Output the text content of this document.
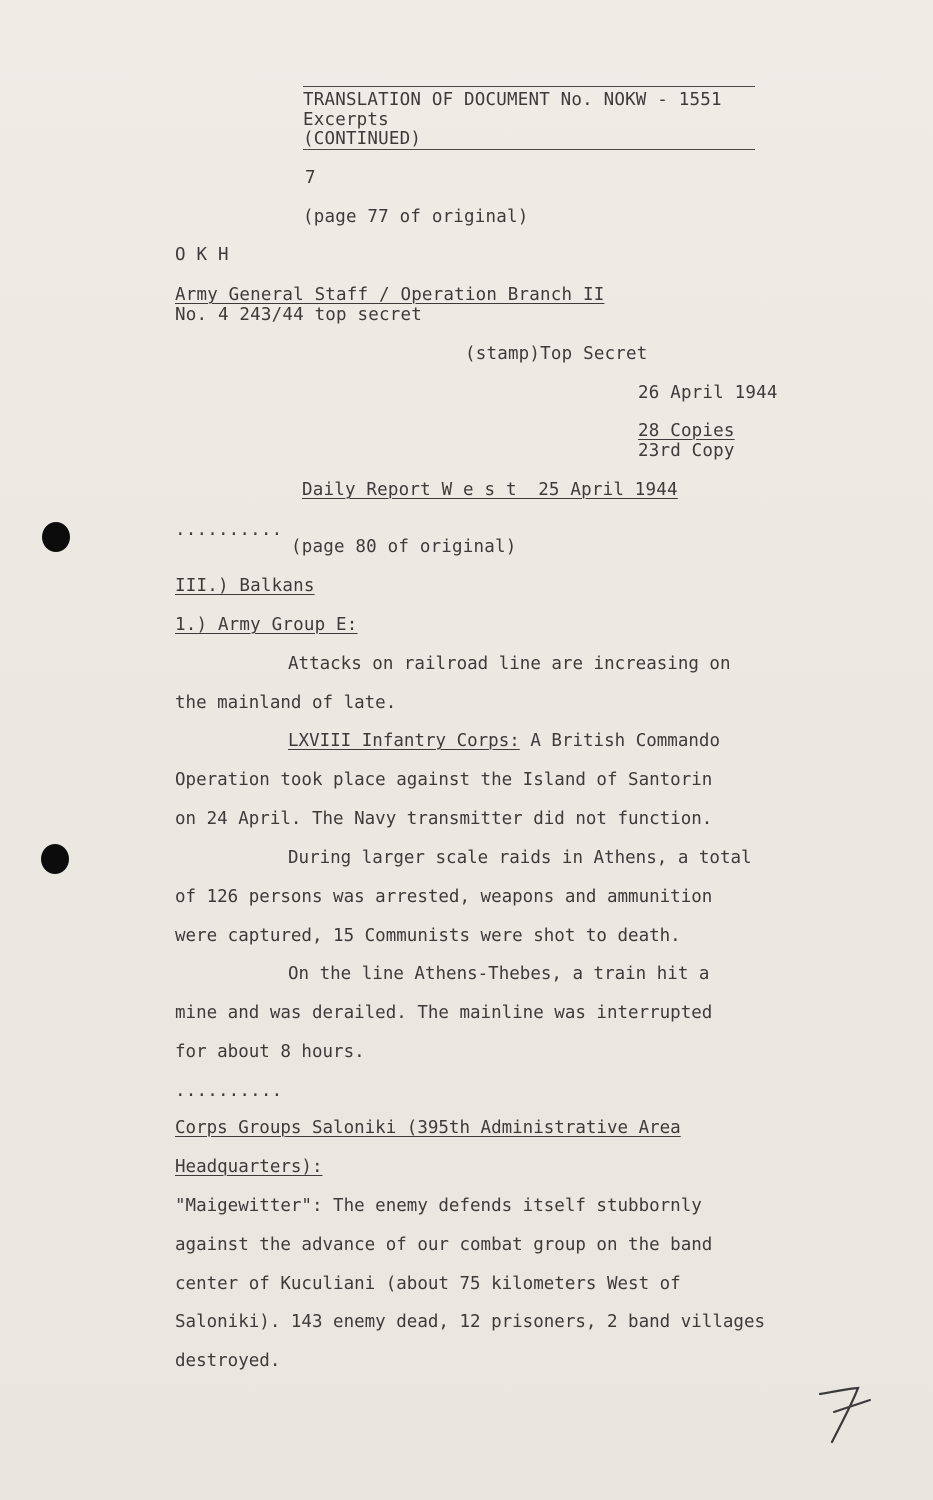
TRANSLATION OF DOCUMENT No. NOKW - 1551
Excerpts
(CONTINUED)
7
(page 77 of original)
O K H
Army General Staff / Operation Branch II
No. 4 243/44 top secret
(stamp)Top Secret
26 April 1944
28 Copies
23rd Copy
Daily Report W e s t  25 April 1944
..........
(page 80 of original)
III.) Balkans
1.) Army Group E:
Attacks on railroad line are increasing on
the mainland of late.
LXVIII Infantry Corps: A British Commando
Operation took place against the Island of Santorin
on 24 April. The Navy transmitter did not function.
During larger scale raids in Athens, a total
of 126 persons was arrested, weapons and ammunition
were captured, 15 Communists were shot to death.
On the line Athens-Thebes, a train hit a
mine and was derailed. The mainline was interrupted
for about 8 hours.
..........
Corps Groups Saloniki (395th Administrative Area
Headquarters):
"Maigewitter": The enemy defends itself stubbornly
against the advance of our combat group on the band
center of Kuculiani (about 75 kilometers West of
Saloniki). 143 enemy dead, 12 prisoners, 2 band villages
destroyed.
